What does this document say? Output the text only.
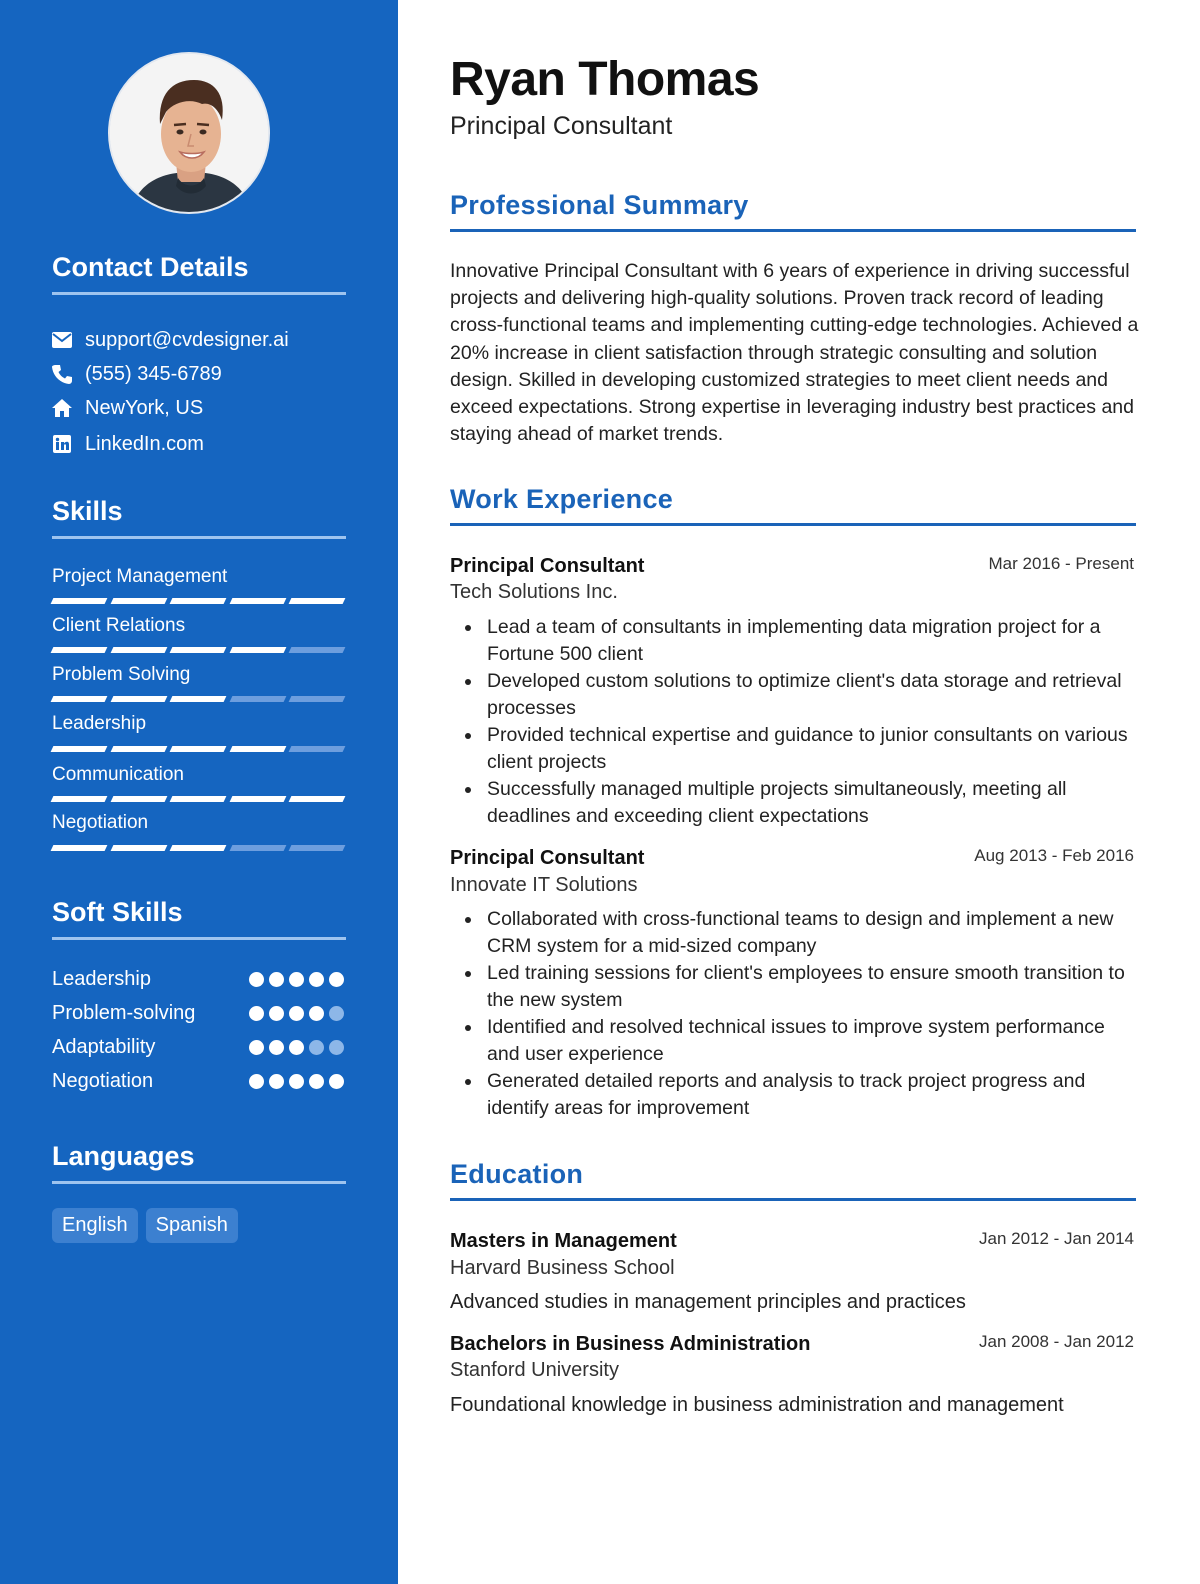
Contact Details
support@cvdesigner.ai
(555) 345-6789
NewYork, US
LinkedIn.com
Skills
Project Management
Client Relations
Problem Solving
Leadership
Communication
Negotiation
Soft Skills
Leadership
Problem-solving
Adaptability
Negotiation
Languages
English	Spanish
Ryan Thomas
Principal Consultant
Professional Summary

Innovative Principal Consultant with 6 years of experience in driving successful projects and delivering high-quality solutions. Proven track record of leading cross-functional teams and implementing cutting-edge technologies. Achieved a 20% increase in client satisfaction through strategic consulting and solution design. Skilled in developing customized strategies to meet client needs and exceed expectations. Strong expertise in leveraging industry best practices and staying ahead of market trends.

Work Experience
Principal Consultant	Mar 2016 - Present
Tech Solutions Inc.
Lead a team of consultants in implementing data migration project for a Fortune 500 client
Developed custom solutions to optimize client's data storage and retrieval processes
Provided technical expertise and guidance to junior consultants on various client projects
Successfully managed multiple projects simultaneously, meeting all deadlines and exceeding client expectations
Principal Consultant	Aug 2013 - Feb 2016
Innovate IT Solutions
Collaborated with cross-functional teams to design and implement a new CRM system for a mid-sized company
Led training sessions for client's employees to ensure smooth transition to the new system
Identified and resolved technical issues to improve system performance and user experience
Generated detailed reports and analysis to track project progress and identify areas for improvement
Education
Masters in Management	Jan 2012 - Jan 2014
Harvard Business School
Advanced studies in management principles and practices
Bachelors in Business Administration	Jan 2008 - Jan 2012
Stanford University
Foundational knowledge in business administration and management
